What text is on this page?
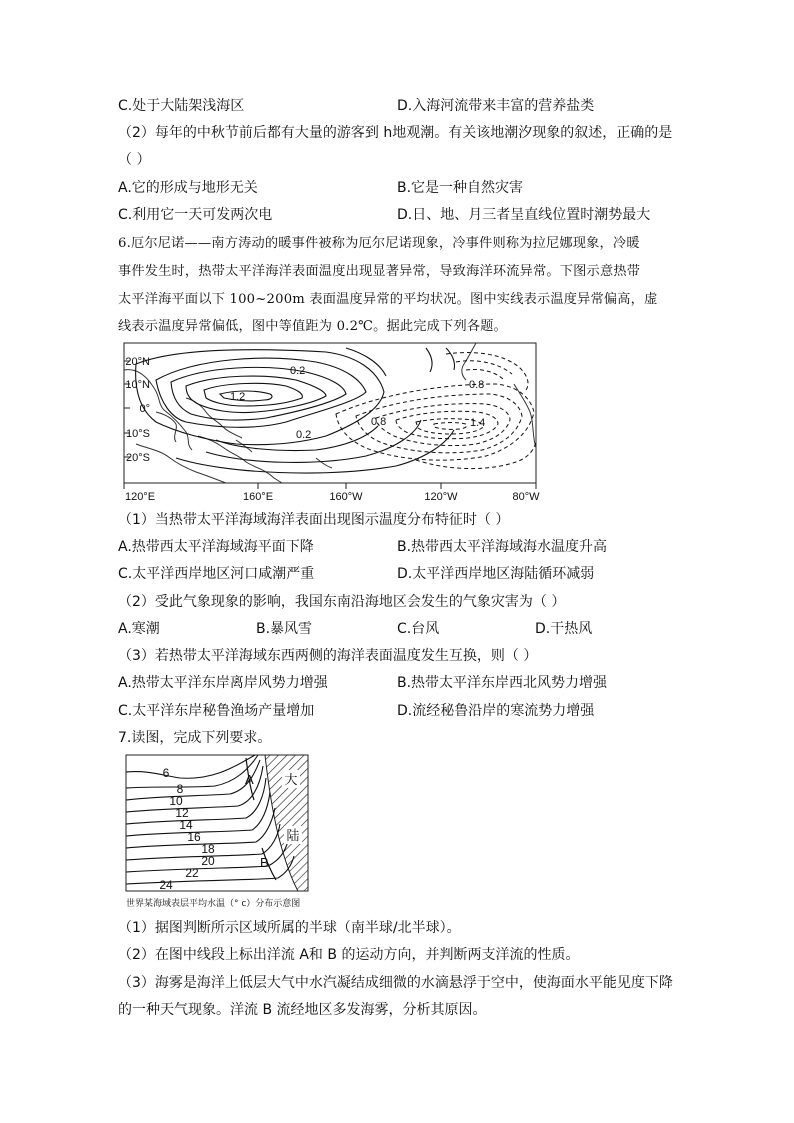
C.处于大陆架浅海区	D.入海河流带来丰富的营养盐类
（2）每年的中秋节前后都有大量的游客到 h地观潮。有关该地潮汐现象的叙述，正确的是
（ ）
A.它的形成与地形无关	B.它是一种自然灾害
C.利用它一天可发两次电	D.日、地、月三者呈直线位置时潮势最大
6.厄尔尼诺——南方涛动的暖事件被称为厄尔尼诺现象，冷事件则称为拉尼娜现象，冷暖
事件发生时，热带太平洋海洋表面温度出现显著异常，导致海洋环流异常。下图示意热带
太平洋海平面以下 100~200m 表面温度异常的平均状况。图中实线表示温度异常偏高，虚
线表示温度异常偏低，图中等值距为 0.2℃。据此完成下列各题。
0.2
1.2
0.2
0.8
0.8	1.4
20°N
10°N
0°
10°S
20°S
120°E	160°E	160°W	120°W	80°W
（1）当热带太平洋海域海洋表面出现图示温度分布特征时（ ）
A.热带西太平洋海域海平面下降	B.热带西太平洋海域海水温度升高
C.太平洋西岸地区河口咸潮严重	D.太平洋西岸地区海陆循环减弱
（2）受此气象现象的影响，我国东南沿海地区会发生的气象灾害为（ ）
A.寒潮	B.暴风雪	C.台风	D.干热风
（3）若热带太平洋海域东西两侧的海洋表面温度发生互换，则（ ）
A.热带太平洋东岸离岸风势力增强	B.热带太平洋东岸西北风势力增强
C.太平洋东岸秘鲁渔场产量增加	D.流经秘鲁沿岸的寒流势力增强
7.读图，完成下列要求。
6
8
10
12
14
16
18
20
22
24
A
B
大
陆
世界某海域表层平均水温（° c）分布示意图
（1）据图判断所示区域所属的半球（南半球/北半球）。
（2）在图中线段上标出洋流 A和 B 的运动方向，并判断两支洋流的性质。
（3）海雾是海洋上低层大气中水汽凝结成细微的水滴悬浮于空中，使海面水平能见度下降
的一种天气现象。洋流 B 流经地区多发海雾，分析其原因。
